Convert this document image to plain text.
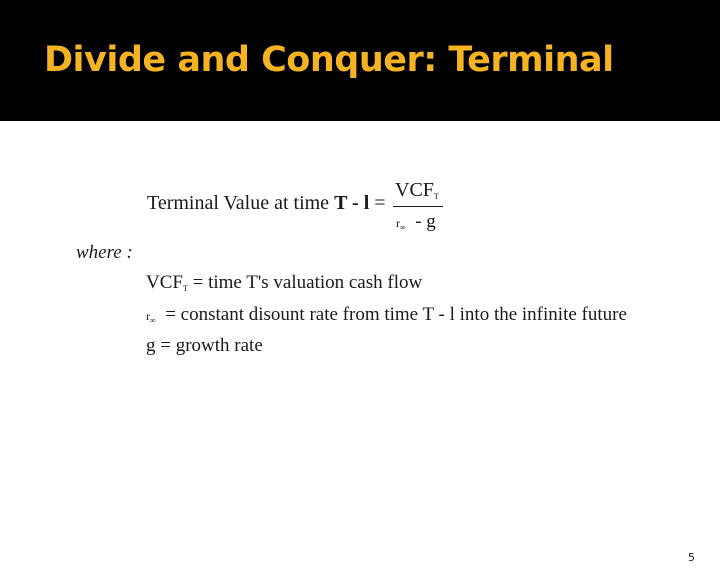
Divide and Conquer: Terminal
Terminal Value at time T - l =
$VCF_T$
$r_\infty$  - g
where :
$VCF_T$ = time T's valuation cash flow
$r_\infty$  = constant disount rate from time T - l into the infinite future
g = growth rate
5
